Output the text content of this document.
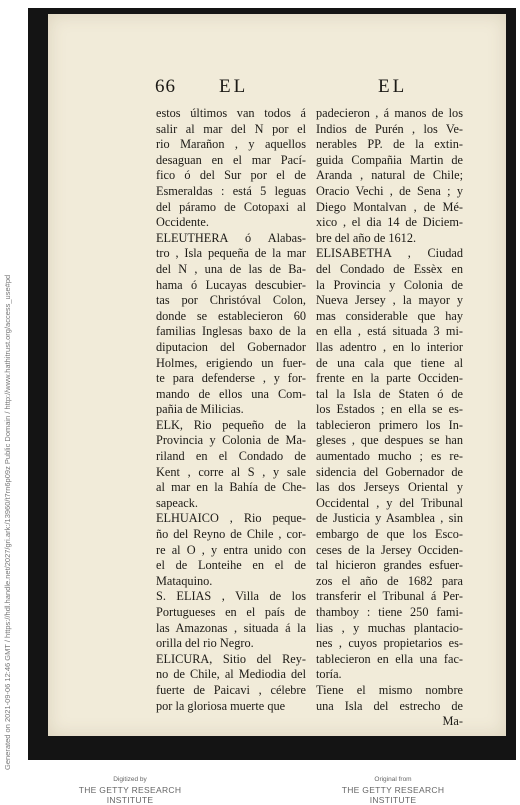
66 EL	EL
estos últimos van todos á
salir al mar del N por el
rio Marañon , y aquellos
desaguan en el mar Pací-
fico ó del Sur por el de
Esmeraldas : está 5 leguas
del páramo de Cotopaxi al
Occidente.
ELEUTHERA ó Alabas-
tro , Isla pequeña de la mar
del N , una de las de Ba-
hama ó Lucayas descubier-
tas por Christóval Colon,
donde se establecieron 60
familias Inglesas baxo de la
diputacion del Gobernador
Holmes, erigiendo un fuer-
te para defenderse , y for-
mando de ellos una Com-
pañia de Milicias.
ELK, Rio pequeño de la
Provincia y Colonia de Ma-
riland en el Condado de
Kent , corre al S , y sale
al mar en la Bahía de Che-
sapeack.
ELHUAICO , Rio peque-
ño del Reyno de Chile , cor-
re al O , y entra unido con
el de Lonteihe en el de
Mataquino.
S. ELIAS , Villa de los
Portugueses en el país de
las Amazonas , situada á la
orilla del rio Negro.
ELICURA, Sitio del Rey-
no de Chile, al Mediodia del
fuerte de Paicavi , célebre
por la gloriosa muerte que
padecieron , á manos de los
Indios de Purén , los Ve-
nerables PP. de la extin-
guida Compañia Martin de
Aranda , natural de Chile;
Oracio Vechi , de Sena ; y
Diego Montalvan , de Mé-
xico , el dia 14 de Diciem-
bre del año de 1612.
ELISABETHA , Ciudad
del Condado de Essèx en
la Provincia y Colonia de
Nueva Jersey , la mayor y
mas considerable que hay
en ella , está situada 3 mi-
llas adentro , en lo interior
de una cala que tiene al
frente en la parte Occiden-
tal la Isla de Staten ó de
los Estados ; en ella se es-
tablecieron primero los In-
gleses , que despues se han
aumentado mucho ; es re-
sidencia del Gobernador de
las dos Jerseys Oriental y
Occidental , y del Tribunal
de Justicia y Asamblea , sin
embargo de que los Esco-
ceses de la Jersey Occiden-
tal hicieron grandes esfuer-
zos el año de 1682 para
transferir el Tribunal á Per-
thamboy : tiene 250 fami-
lias , y muchas plantacio-
nes , cuyos propietarios es-
tablecieron en ella una fac-
toría.
Tiene el mismo nombre
una Isla del estrecho de
Ma-
Generated on 2021-09-06 12:46 GMT / https://hdl.handle.net/2027/gri.ark:/13960/t7rn6p09z Public Domain / http://www.hathitrust.org/access_use#pd
Digitized by
THE GETTY RESEARCH INSTITUTE
Original from
THE GETTY RESEARCH INSTITUTE
